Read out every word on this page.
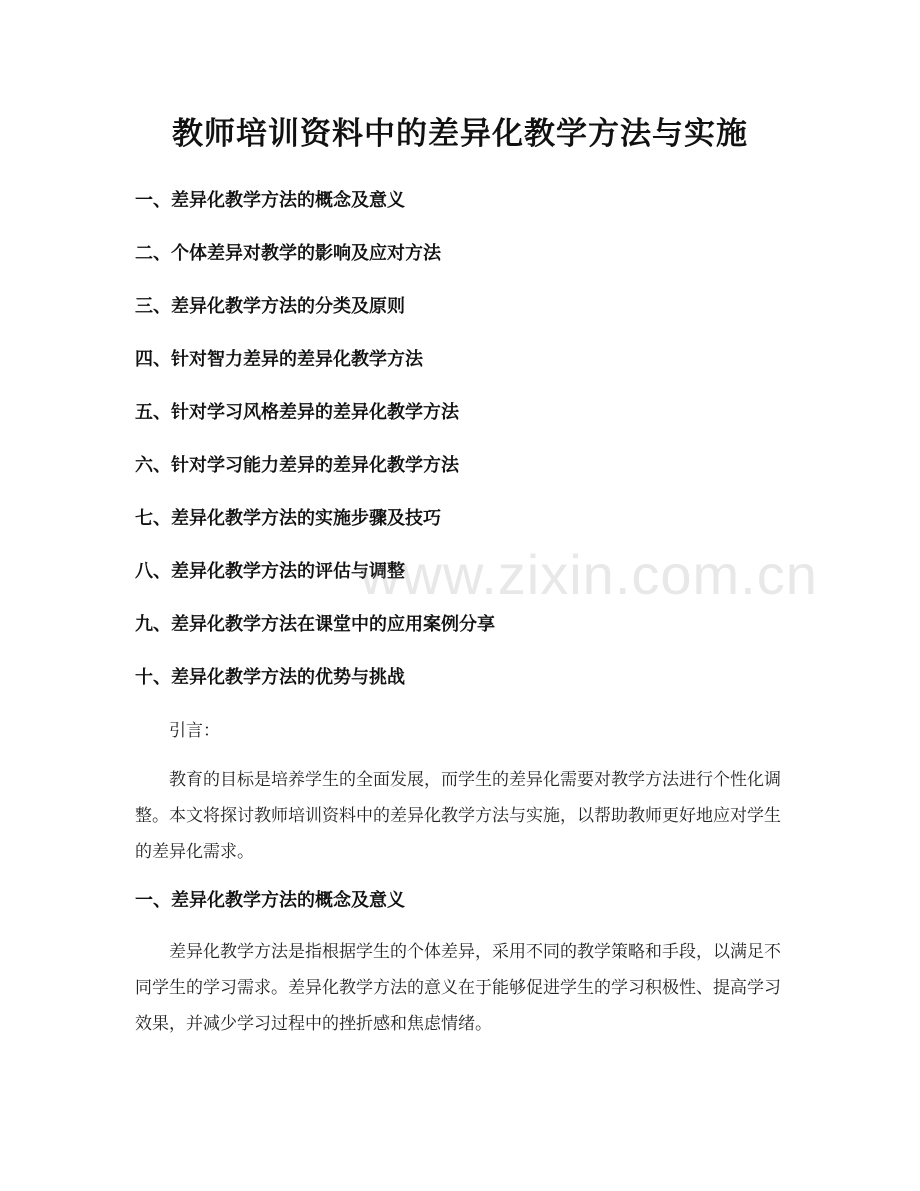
教师培训资料中的差异化教学方法与实施
一、差异化教学方法的概念及意义
二、个体差异对教学的影响及应对方法
三、差异化教学方法的分类及原则
四、针对智力差异的差异化教学方法
五、针对学习风格差异的差异化教学方法
六、针对学习能力差异的差异化教学方法
七、差异化教学方法的实施步骤及技巧
八、差异化教学方法的评估与调整
九、差异化教学方法在课堂中的应用案例分享
十、差异化教学方法的优势与挑战
引言：
教育的目标是培养学生的全面发展，而学生的差异化需要对教学方法进行个性化调整。本文将探讨教师培训资料中的差异化教学方法与实施，以帮助教师更好地应对学生的差异化需求。
一、差异化教学方法的概念及意义
差异化教学方法是指根据学生的个体差异，采用不同的教学策略和手段，以满足不同学生的学习需求。差异化教学方法的意义在于能够促进学生的学习积极性、提高学习效果，并减少学习过程中的挫折感和焦虑情绪。
www.zixin.com.cn
